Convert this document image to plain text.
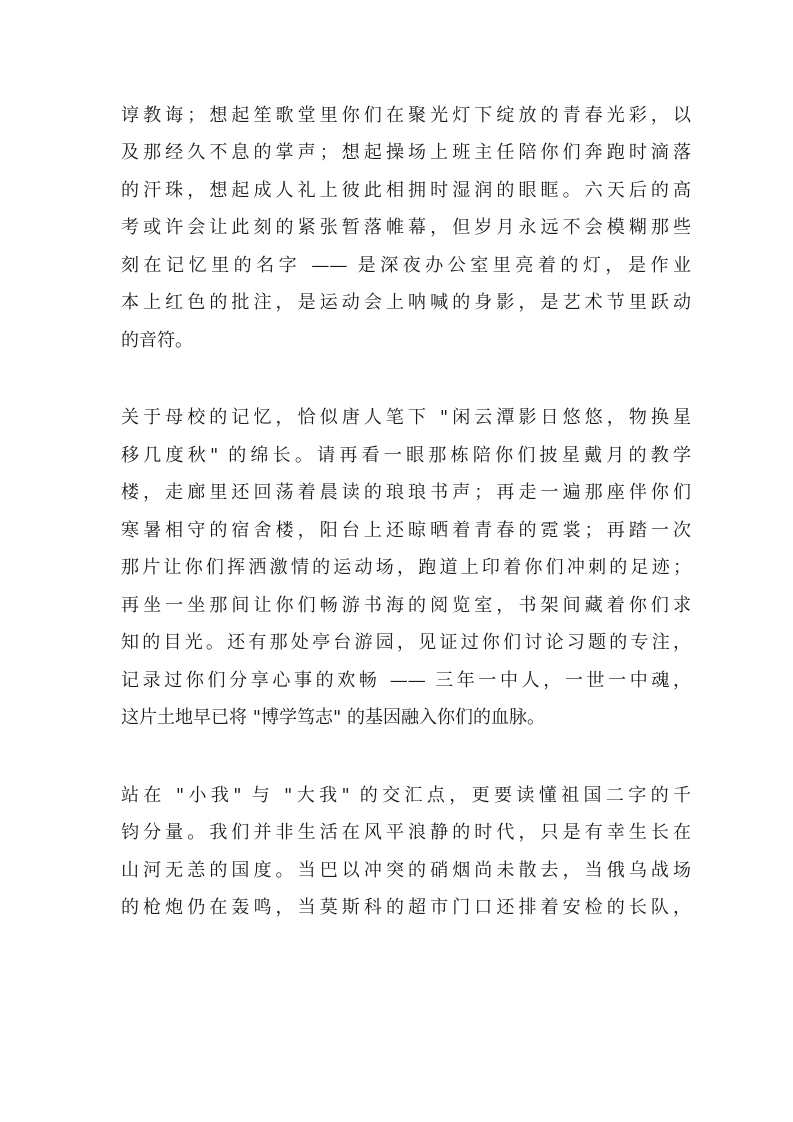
谆教诲；想起笙歌堂里你们在聚光灯下绽放的青春光彩，以

及那经久不息的掌声；想起操场上班主任陪你们奔跑时滴落

的汗珠，想起成人礼上彼此相拥时湿润的眼眶。六天后的高

考或许会让此刻的紧张暂落帷幕，但岁月永远不会模糊那些

刻在记忆里的名字 —— 是深夜办公室里亮着的灯，是作业

本上红色的批注，是运动会上呐喊的身影，是艺术节里跃动

的音符。

关于母校的记忆，恰似唐人笔下 "闲云潭影日悠悠，物换星

移几度秋" 的绵长。请再看一眼那栋陪你们披星戴月的教学

楼，走廊里还回荡着晨读的琅琅书声；再走一遍那座伴你们

寒暑相守的宿舍楼，阳台上还晾晒着青春的霓裳；再踏一次

那片让你们挥洒激情的运动场，跑道上印着你们冲刺的足迹；

再坐一坐那间让你们畅游书海的阅览室，书架间藏着你们求

知的目光。还有那处亭台游园，见证过你们讨论习题的专注，

记录过你们分享心事的欢畅 —— 三年一中人，一世一中魂，

这片土地早已将 "博学笃志" 的基因融入你们的血脉。

站在 "小我" 与 "大我" 的交汇点，更要读懂祖国二字的千

钧分量。我们并非生活在风平浪静的时代，只是有幸生长在

山河无恙的国度。当巴以冲突的硝烟尚未散去，当俄乌战场

的枪炮仍在轰鸣，当莫斯科的超市门口还排着安检的长队，
